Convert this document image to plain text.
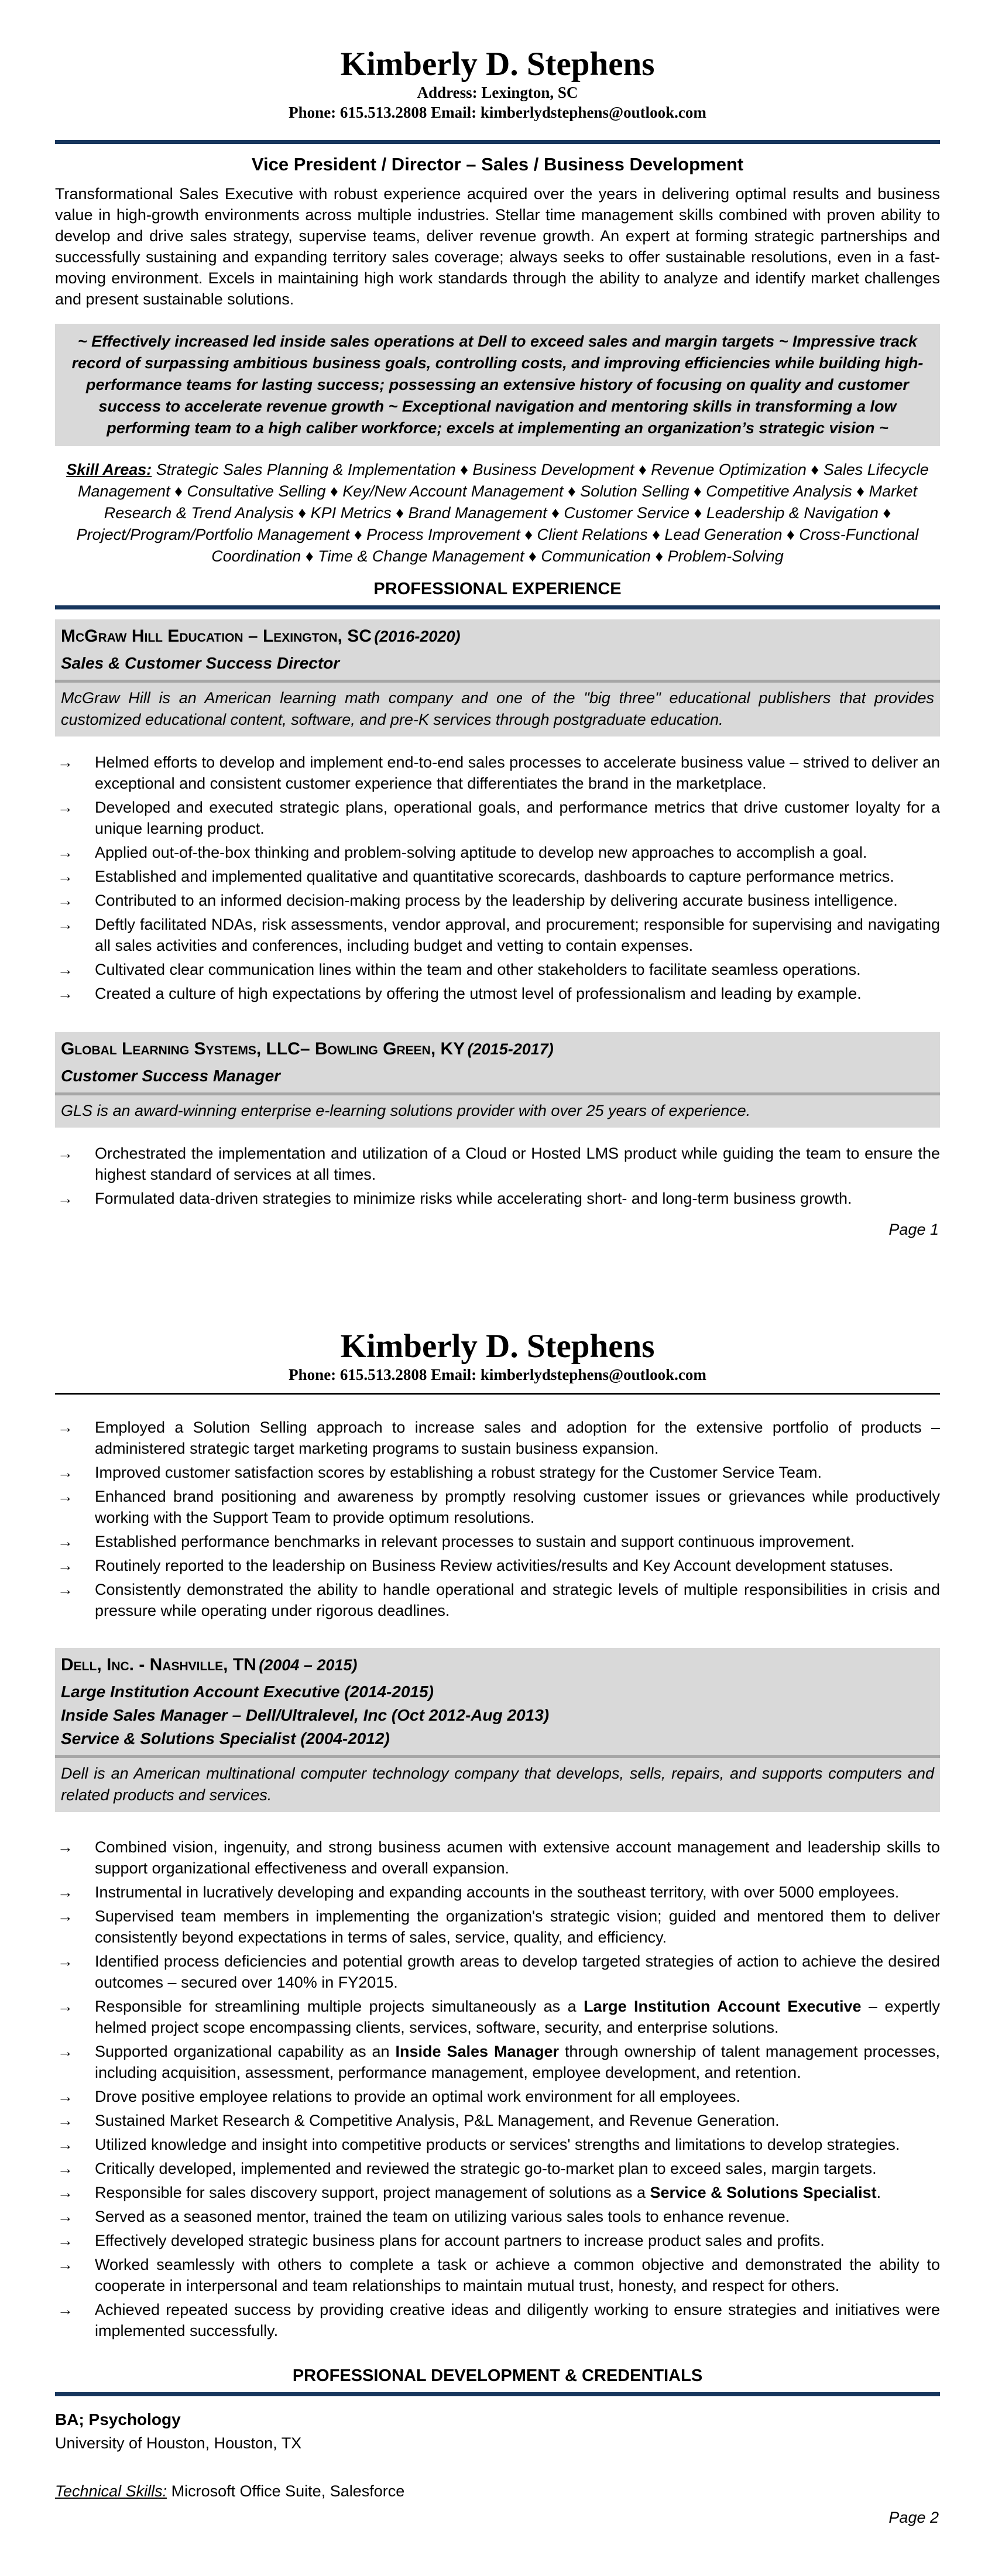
Kimberly D. Stephens
Address: Lexington, SC
Phone: 615.513.2808 Email: kimberlydstephens@outlook.com
Vice President / Director – Sales / Business Development

Transformational Sales Executive with robust experience acquired over the years in delivering optimal results and business value in high-growth environments across multiple industries. Stellar time management skills combined with proven ability to develop and drive sales strategy, supervise teams, deliver revenue growth. An expert at forming strategic partnerships and successfully sustaining and expanding territory sales coverage; always seeks to offer sustainable resolutions, even in a fast-moving environment. Excels in maintaining high work standards through the ability to analyze and identify market challenges and present sustainable solutions.

~ Effectively increased led inside sales operations at Dell to exceed sales and margin targets ~ Impressive track record of surpassing ambitious business goals, controlling costs, and improving efficiencies while building high-performance teams for lasting success; possessing an extensive history of focusing on quality and customer success to accelerate revenue growth ~ Exceptional navigation and mentoring skills in transforming a low performing team to a high caliber workforce; excels at implementing an organization’s strategic vision ~

Skill Areas: Strategic Sales Planning & Implementation ♦ Business Development ♦ Revenue Optimization ♦ Sales Lifecycle Management ♦ Consultative Selling ♦ Key/New Account Management ♦ Solution Selling ♦ Competitive Analysis ♦ Market Research & Trend Analysis ♦ KPI Metrics ♦ Brand Management ♦ Customer Service ♦ Leadership & Navigation ♦ Project/Program/Portfolio Management ♦ Process Improvement ♦ Client Relations ♦ Lead Generation ♦ Cross-Functional Coordination ♦ Time & Change Management ♦ Communication ♦ Problem-Solving

PROFESSIONAL EXPERIENCE
McGraw Hill Education – Lexington, SC (2016-2020)
Sales & Customer Success Director
McGraw Hill is an American learning math company and one of the "big three" educational publishers that provides customized educational content, software, and pre-K services through postgraduate education.
→	Helmed efforts to develop and implement end-to-end sales processes to accelerate business value – strived to deliver an exceptional and consistent customer experience that differentiates the brand in the marketplace.
→	Developed and executed strategic plans, operational goals, and performance metrics that drive customer loyalty for a unique learning product.
→	Applied out-of-the-box thinking and problem-solving aptitude to develop new approaches to accomplish a goal.
→	Established and implemented qualitative and quantitative scorecards, dashboards to capture performance metrics.
→	Contributed to an informed decision-making process by the leadership by delivering accurate business intelligence.
→	Deftly facilitated NDAs, risk assessments, vendor approval, and procurement; responsible for supervising and navigating all sales activities and conferences, including budget and vetting to contain expenses.
→	Cultivated clear communication lines within the team and other stakeholders to facilitate seamless operations.
→	Created a culture of high expectations by offering the utmost level of professionalism and leading by example.
Global Learning Systems, LLC– Bowling Green, KY (2015-2017)
Customer Success Manager
GLS is an award-winning enterprise e-learning solutions provider with over 25 years of experience.
→	Orchestrated the implementation and utilization of a Cloud or Hosted LMS product while guiding the team to ensure the highest standard of services at all times.
→	Formulated data-driven strategies to minimize risks while accelerating short- and long-term business growth.
Page 1
Kimberly D. Stephens
Phone: 615.513.2808 Email: kimberlydstephens@outlook.com
→	Employed a Solution Selling approach to increase sales and adoption for the extensive portfolio of products – administered strategic target marketing programs to sustain business expansion.
→	Improved customer satisfaction scores by establishing a robust strategy for the Customer Service Team.
→	Enhanced brand positioning and awareness by promptly resolving customer issues or grievances while productively working with the Support Team to provide optimum resolutions.
→	Established performance benchmarks in relevant processes to sustain and support continuous improvement.
→	Routinely reported to the leadership on Business Review activities/results and Key Account development statuses.
→	Consistently demonstrated the ability to handle operational and strategic levels of multiple responsibilities in crisis and pressure while operating under rigorous deadlines.
Dell, Inc. - Nashville, TN (2004 – 2015)
Large Institution Account Executive (2014-2015)
Inside Sales Manager – Dell/Ultralevel, Inc (Oct 2012-Aug 2013)
Service & Solutions Specialist (2004-2012)
Dell is an American multinational computer technology company that develops, sells, repairs, and supports computers and related products and services.
→	Combined vision, ingenuity, and strong business acumen with extensive account management and leadership skills to support organizational effectiveness and overall expansion.
→	Instrumental in lucratively developing and expanding accounts in the southeast territory, with over 5000 employees.
→	Supervised team members in implementing the organization's strategic vision; guided and mentored them to deliver consistently beyond expectations in terms of sales, service, quality, and efficiency.
→	Identified process deficiencies and potential growth areas to develop targeted strategies of action to achieve the desired outcomes – secured over 140% in FY2015.
→	Responsible for streamlining multiple projects simultaneously as a Large Institution Account Executive – expertly helmed project scope encompassing clients, services, software, security, and enterprise solutions.
→	Supported organizational capability as an Inside Sales Manager through ownership of talent management processes, including acquisition, assessment, performance management, employee development, and retention.
→	Drove positive employee relations to provide an optimal work environment for all employees.
→	Sustained Market Research & Competitive Analysis, P&L Management, and Revenue Generation.
→	Utilized knowledge and insight into competitive products or services' strengths and limitations to develop strategies.
→	Critically developed, implemented and reviewed the strategic go-to-market plan to exceed sales, margin targets.
→	Responsible for sales discovery support, project management of solutions as a Service & Solutions Specialist.
→	Served as a seasoned mentor, trained the team on utilizing various sales tools to enhance revenue.
→	Effectively developed strategic business plans for account partners to increase product sales and profits.
→	Worked seamlessly with others to complete a task or achieve a common objective and demonstrated the ability to cooperate in interpersonal and team relationships to maintain mutual trust, honesty, and respect for others.
→	Achieved repeated success by providing creative ideas and diligently working to ensure strategies and initiatives were implemented successfully.
PROFESSIONAL DEVELOPMENT & CREDENTIALS
BA; Psychology
University of Houston, Houston, TX
Technical Skills: Microsoft Office Suite, Salesforce
Page 2
